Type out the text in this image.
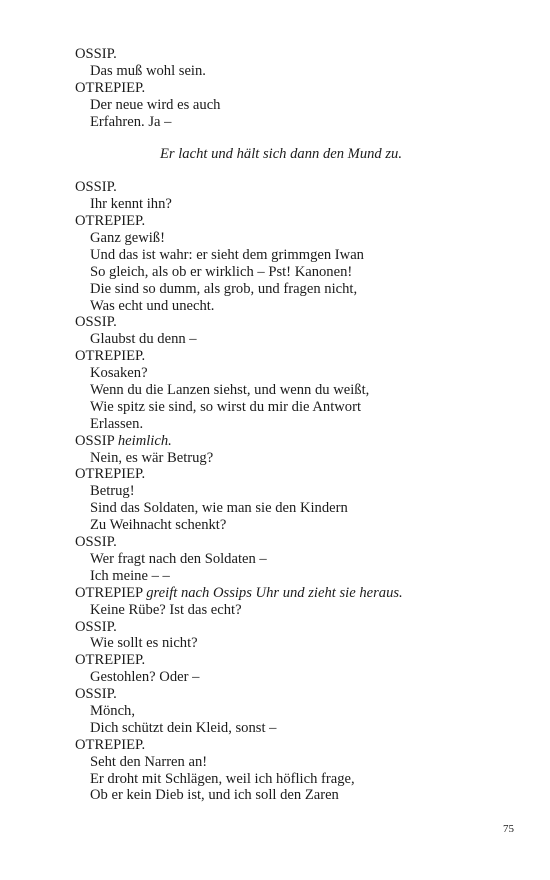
OSSIP.
Das muß wohl sein.
OTREPIEP.
Der neue wird es auch
Erfahren. Ja –
Er lacht und hält sich dann den Mund zu.
OSSIP.
Ihr kennt ihn?
OTREPIEP.
Ganz gewiß!
Und das ist wahr: er sieht dem grimmgen Iwan
So gleich, als ob er wirklich – Pst! Kanonen!
Die sind so dumm, als grob, und fragen nicht,
Was echt und unecht.
OSSIP.
Glaubst du denn –
OTREPIEP.
Kosaken?
Wenn du die Lanzen siehst, und wenn du weißt,
Wie spitz sie sind, so wirst du mir die Antwort
Erlassen.
OSSIP heimlich.
Nein, es wär Betrug?
OTREPIEP.
Betrug!
Sind das Soldaten, wie man sie den Kindern
Zu Weihnacht schenkt?
OSSIP.
Wer fragt nach den Soldaten –
Ich meine – –
OTREPIEP greift nach Ossips Uhr und zieht sie heraus.
Keine Rübe? Ist das echt?
OSSIP.
Wie sollt es nicht?
OTREPIEP.
Gestohlen? Oder –
OSSIP.
Mönch,
Dich schützt dein Kleid, sonst –
OTREPIEP.
Seht den Narren an!
Er droht mit Schlägen, weil ich höflich frage,
Ob er kein Dieb ist, und ich soll den Zaren
75
